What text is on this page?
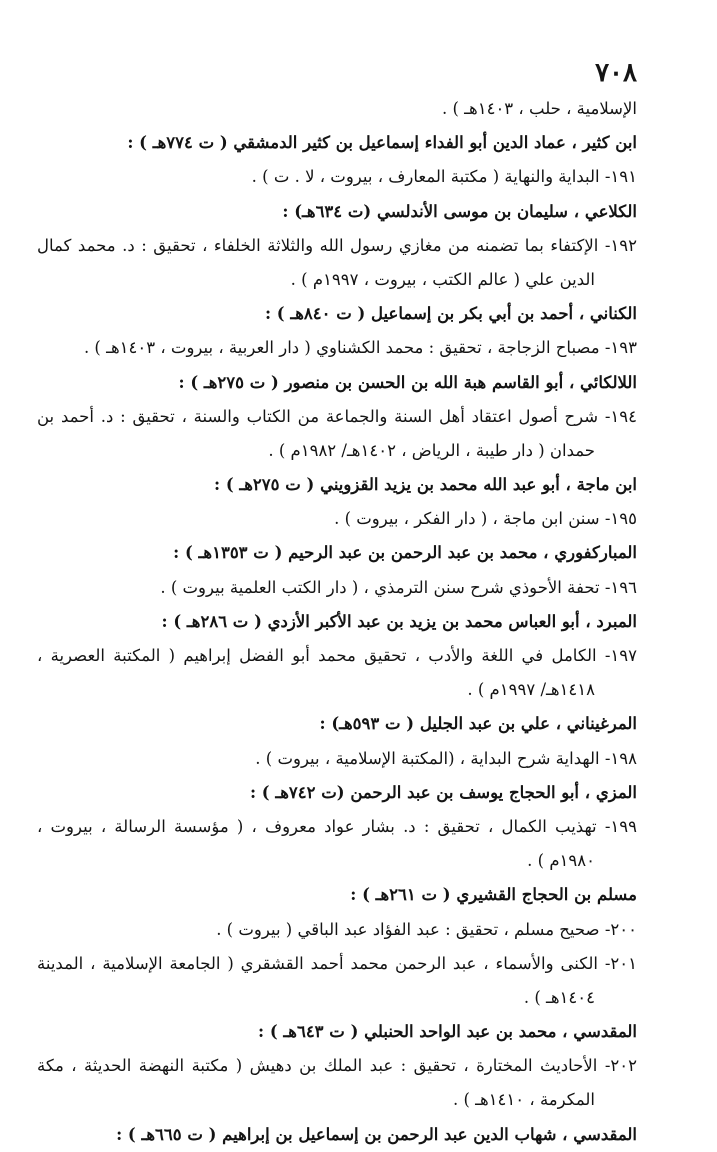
٧٠٨
الإسلامية ، حلب ، ١٤٠٣هـ ) .
ابن كثير ، عماد الدين أبو الفداء إسماعيل بن كثير الدمشقي ( ت ٧٧٤هـ ) :
١٩١- البداية والنهاية ( مكتبة المعارف ، بيروت ، لا . ت ) .
الكلاعي ، سليمان بن موسى الأندلسي (ت ٦٣٤هـ) :
١٩٢- الإكتفاء بما تضمنه من مغازي رسول الله والثلاثة الخلفاء ، تحقيق : د. محمد كمال
الدين علي ( عالم الكتب ، بيروت ، ١٩٩٧م ) .
الكناني ، أحمد بن أبي بكر بن إسماعيل ( ت ٨٤٠هـ ) :
١٩٣- مصباح الزجاجة ، تحقيق : محمد الكشناوي ( دار العربية ، بيروت ، ١٤٠٣هـ ) .
اللالكائي ، أبو القاسم هبة الله بن الحسن بن منصور ( ت ٢٧٥هـ ) :
١٩٤- شرح أصول اعتقاد أهل السنة والجماعة من الكتاب والسنة ، تحقيق : د. أحمد بن
حمدان ( دار طيبة ، الرياض ، ١٤٠٢هـ/ ١٩٨٢م ) .
ابن ماجة ، أبو عبد الله محمد بن يزيد القزويني ( ت ٢٧٥هـ ) :
١٩٥- سنن ابن ماجة ، ( دار الفكر ، بيروت ) .
المباركفوري ، محمد بن عبد الرحمن بن عبد الرحيم ( ت ١٣٥٣هـ ) :
١٩٦- تحفة الأحوذي شرح سنن الترمذي ، ( دار الكتب العلمية بيروت ) .
المبرد ، أبو العباس محمد بن يزيد بن عبد الأكبر الأزدي ( ت ٢٨٦هـ ) :
١٩٧- الكامل في اللغة والأدب ، تحقيق محمد أبو الفضل إبراهيم ( المكتبة العصرية ،
١٤١٨هـ/ ١٩٩٧م ) .
المرغيناني ، علي بن عبد الجليل ( ت ٥٩٣هـ) :
١٩٨- الهداية شرح البداية ، (المكتبة الإسلامية ، بيروت ) .
المزي ، أبو الحجاج يوسف بن عبد الرحمن (ت ٧٤٢هـ ) :
١٩٩- تهذيب الكمال ، تحقيق : د. بشار عواد معروف ، ( مؤسسة الرسالة ، بيروت ،
١٩٨٠م ) .
مسلم بن الحجاج القشيري ( ت ٢٦١هـ ) :
٢٠٠- صحيح مسلم ، تحقيق : عبد الفؤاد عبد الباقي ( بيروت ) .
٢٠١- الكنى والأسماء ، عبد الرحمن محمد أحمد القشقري ( الجامعة الإسلامية ، المدينة
١٤٠٤هـ ) .
المقدسي ، محمد بن عبد الواحد الحنبلي ( ت ٦٤٣هـ ) :
٢٠٢- الأحاديث المختارة ، تحقيق : عبد الملك بن دهيش ( مكتبة النهضة الحديثة ، مكة
المكرمة ، ١٤١٠هـ ) .
المقدسي ، شهاب الدين عبد الرحمن بن إسماعيل بن إبراهيم ( ت ٦٦٥هـ ) :
